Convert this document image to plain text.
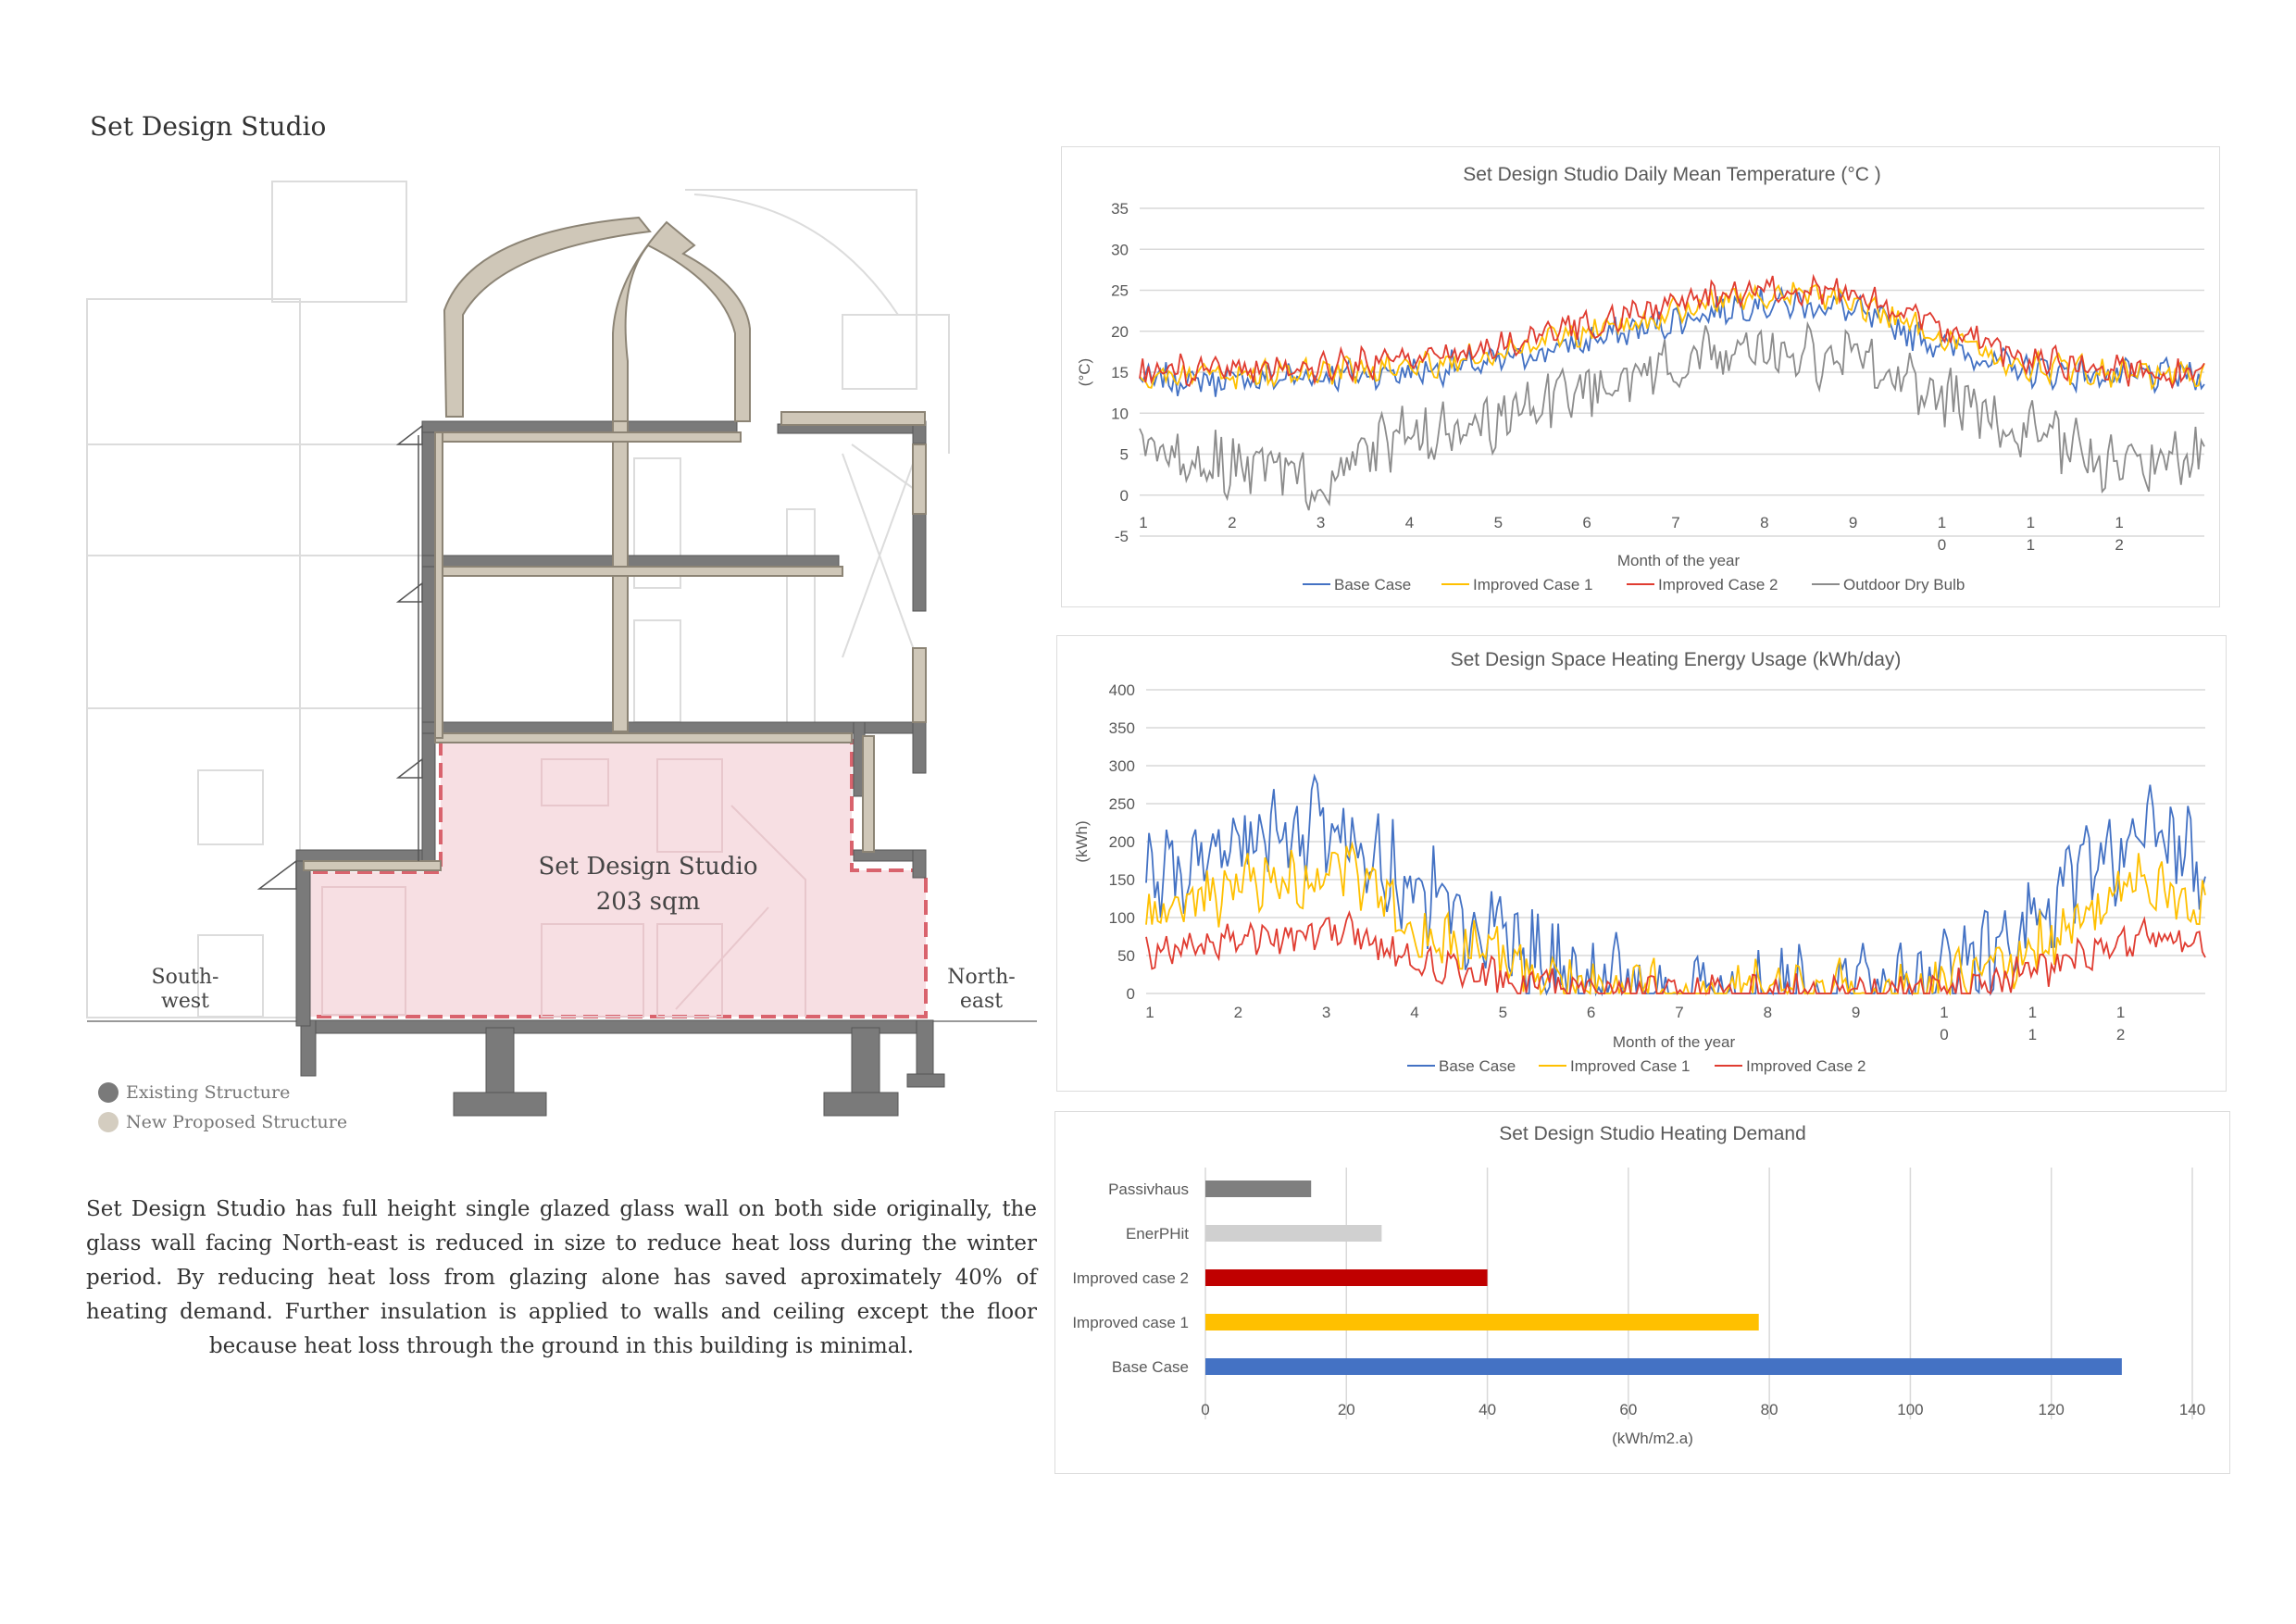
Set Design Studio
Set Design Studio
203 sqm
South-
west
North-
east
Existing Structure
New Proposed Structure
Set Design Studio has full height single glazed glass wall on both side originally, the glass wall facing North-east is reduced in size to reduce heat loss during the winter period. By reducing heat loss from glazing alone has saved aproximately 40% of heating demand. Further insulation is applied to walls and ceiling except the floor because heat loss through the ground in this building is minimal.
Set Design Studio Daily Mean Temperature (°C )
-5
0
5
10
15
20
25
30
35
(°C)
1	2	3	4	5	6	7	8	9	1
0
1
1
1
2
Month of the year
Base Case	Improved Case 1	Improved Case 2	Outdoor Dry Bulb
Set Design Space Heating Energy Usage (kWh/day)
0
50
100
150
200
250
300
350
400
(kWh)
1	2	3	4	5	6	7	8	9	1
0
1
1
1
2
Month of the year
Base Case	Improved Case 1	Improved Case 2
Set Design Studio Heating Demand
0	20	40	60	80	100	120	140
Passivhaus
EnerPHit
Improved case 2
Improved case 1
Base Case
(kWh/m2.a)
